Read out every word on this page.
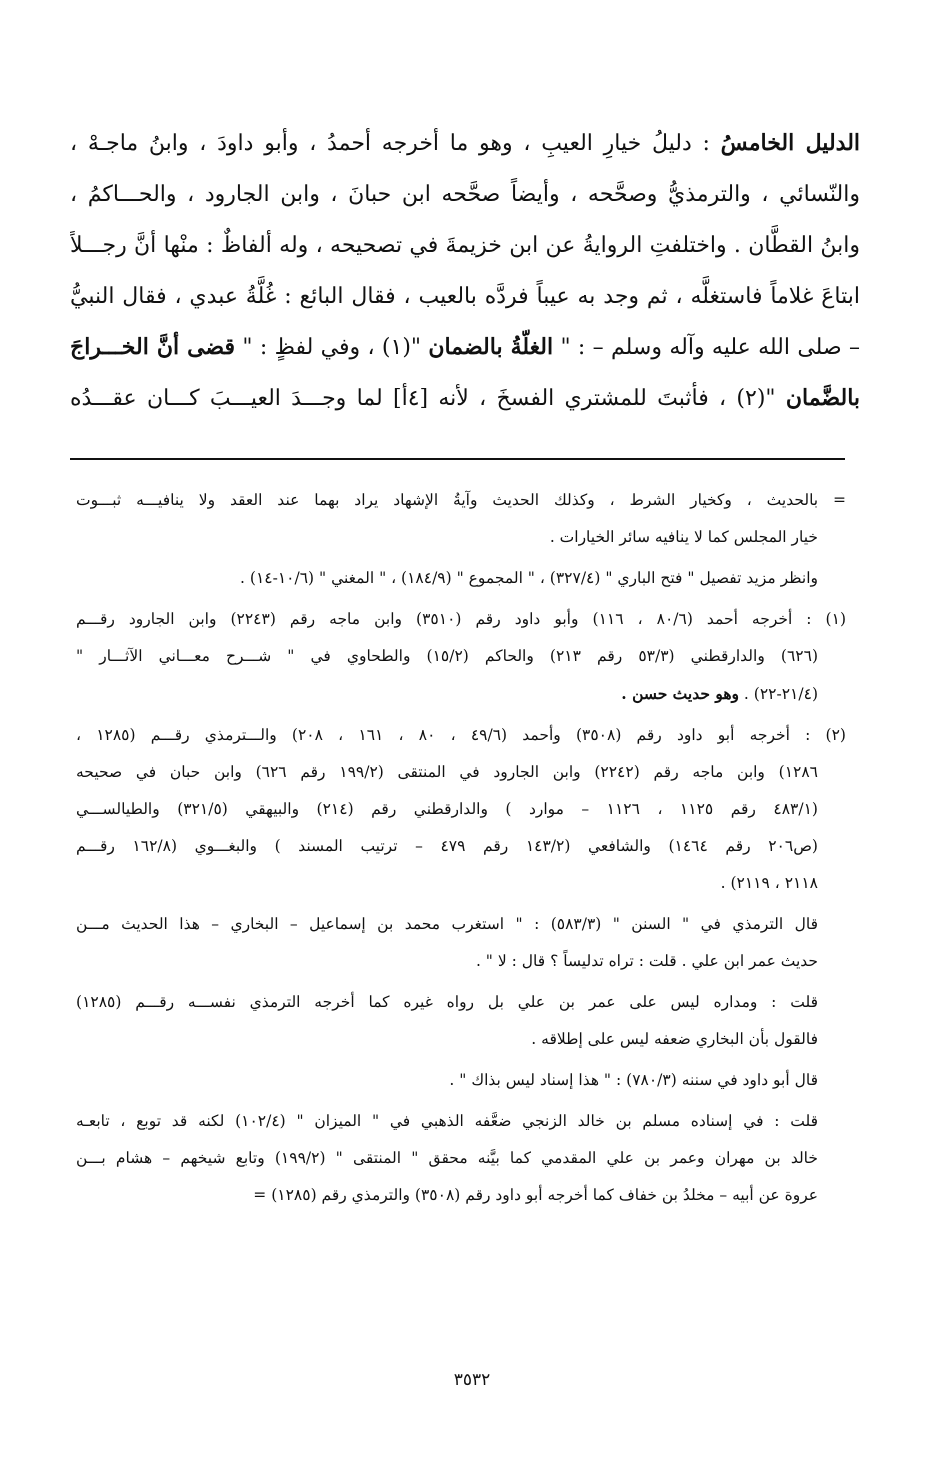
الدليل الخامسُ : دليلُ خيارِ العيبِ ، وهو ما أخرجه أحمدُ ، وأبو داودَ ، وابنُ ماجـهْ ،

والنّسائي ، والترمذيُّ وصحَّحه ، وأيضاً صحَّحه ابن حبانَ ، وابن الجارود ، والحـــاكمُ ،

وابنُ القطَّان . واختلفتِ الروايةُ عن ابن خزيمةَ في تصحيحه ، وله ألفاظٌ : منْها أنَّ رجـــلاً

ابتاعَ غلاماً فاستغلَّه ، ثم وجد به عيباً فردَّه بالعيب ، فقال البائع : غُلَّةُ عبدي ، فقال النبيُّ

– صلى الله عليه وآله وسلم – : " الغلّةُ بالضمان "(١) ، وفي لفظٍ : " قضى أنَّ الخـــراجَ

بالضَّمان "(٢) ، فأثبتَ للمشتري الفسخَ ، لأنه [٤أ] لما وجـــدَ العيـــبَ كـــان عقـــدُه

= بالحديث ، وكخيار الشرط ، وكذلك الحديث وآيةُ الإشهاد يراد بهما عند العقد ولا ينافيـــه ثبـــوت

خيار المجلس كما لا ينافيه سائر الخيارات .

وانظر مزيد تفصيل " فتح الباري " (٣٢٧/٤) ، " المجموع " (١٨٤/٩) ، " المغني " (١٠/٦-١٤) .

(١) : أخرجه أحمد (٨٠/٦ ، ١١٦) وأبو داود رقم (٣٥١٠) وابن ماجه رقم (٢٢٤٣) وابن الجارود رقـــم

(٦٢٦) والدارقطني (٥٣/٣ رقم ٢١٣) والحاكم (١٥/٢) والطحاوي في " شـــرح معـــاني الآثـــار "

(٢١/٤-٢٢) . وهو حديث حسن .

(٢) : أخرجه أبو داود رقم (٣٥٠٨) وأحمد (٤٩/٦ ، ٨٠ ، ١٦١ ، ٢٠٨) والـــترمذي رقـــم (١٢٨٥ ،

١٢٨٦) وابن ماجه رقم (٢٢٤٢) وابن الجارود في المنتقى (١٩٩/٢ رقم ٦٢٦) وابن حبان في صحيحه

(٤٨٣/١ رقم ١١٢٥ ، ١١٢٦ – موارد ) والدارقطني رقم (٢١٤) والبيهقي (٣٢١/٥) والطيالســـي

(ص٢٠٦ رقم ١٤٦٤) والشافعي (١٤٣/٢ رقم ٤٧٩ – ترتيب المسند ) والبغـــوي (١٦٢/٨ رقـــم

٢١١٨ ، ٢١١٩) .

قال الترمذي في " السنن " (٥٨٣/٣) : " استغرب محمد بن إسماعيل – البخاري – هذا الحديث مـــن

حديث عمر ابن علي . قلت : تراه تدليساً ؟ قال : لا " .

قلت : ومداره ليس على عمر بن علي بل رواه غيره كما أخرجه الترمذي نفســـه رقـــم (١٢٨٥)

فالقول بأن البخاري ضعفه ليس على إطلاقه .

قال أبو داود في سننه (٧٨٠/٣) : " هذا إسناد ليس بذاك " .

قلت : في إسناده مسلم بن خالد الزنجي ضعَّفه الذهبي في " الميزان " (١٠٢/٤) لكنه قد توبع ، تابعـه

خالد بن مهران وعمر بن علي المقدمي كما بيَّنه محقق " المنتقى " (١٩٩/٢) وتابع شيخهم – هشام بـــن

عروة عن أبيه – مخلدُ بن خفاف كما أخرجه أبو داود رقم (٣٥٠٨) والترمذي رقم (١٢٨٥) =

٣٥٣٢
